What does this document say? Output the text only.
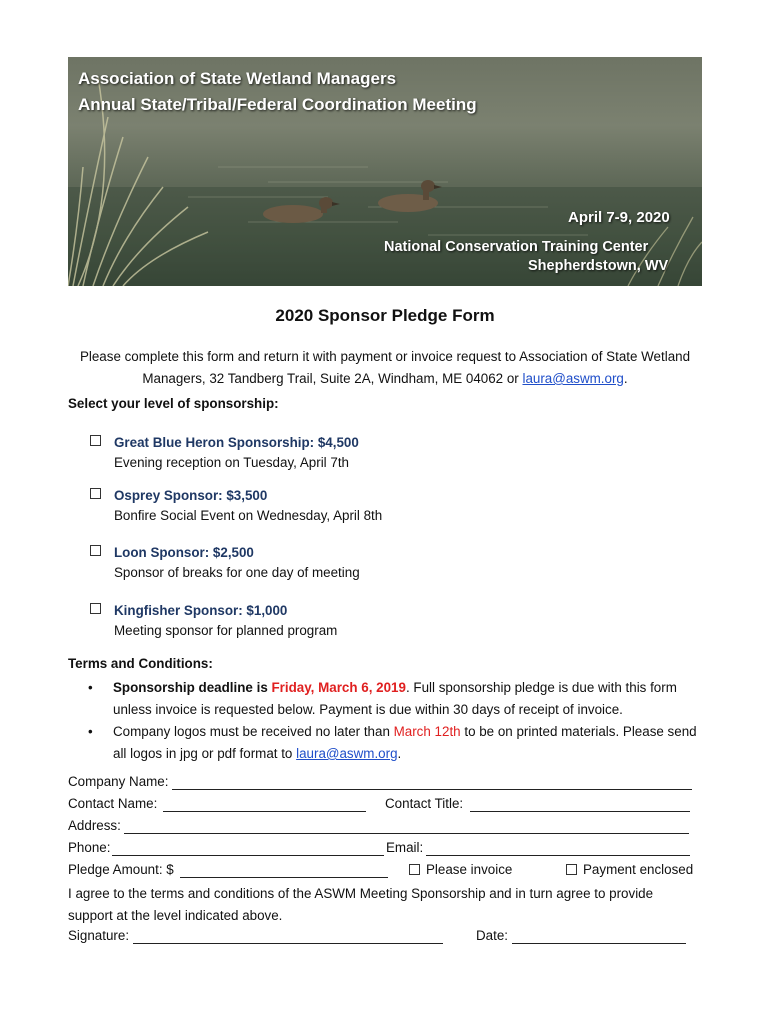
Association of State Wetland Managers
Annual State/Tribal/Federal Coordination Meeting
April 7-9, 2020
National Conservation Training Center
Shepherdstown, WV
2020 Sponsor Pledge Form
Please complete this form and return it with payment or invoice request to Association of State Wetland Managers, 32 Tandberg Trail, Suite 2A, Windham, ME 04062 or laura@aswm.org.
Select your level of sponsorship:
Great Blue Heron Sponsorship: $4,500
Evening reception on Tuesday, April 7th
Osprey Sponsor: $3,500
Bonfire Social Event on Wednesday, April 8th
Loon Sponsor: $2,500
Sponsor of breaks for one day of meeting
Kingfisher Sponsor: $1,000
Meeting sponsor for planned program
Terms and Conditions:
• Sponsorship deadline is Friday, March 6, 2019. Full sponsorship pledge is due with this form unless invoice is requested below. Payment is due within 30 days of receipt of invoice.
• Company logos must be received no later than March 12th to be on printed materials. Please send all logos in jpg or pdf format to laura@aswm.org.
Company Name:
Contact Name:	Contact Title:
Address:
Phone:	Email:
Pledge Amount: $	Please invoice	Payment enclosed
I agree to the terms and conditions of the ASWM Meeting Sponsorship and in turn agree to provide support at the level indicated above.
Signature:	Date:
